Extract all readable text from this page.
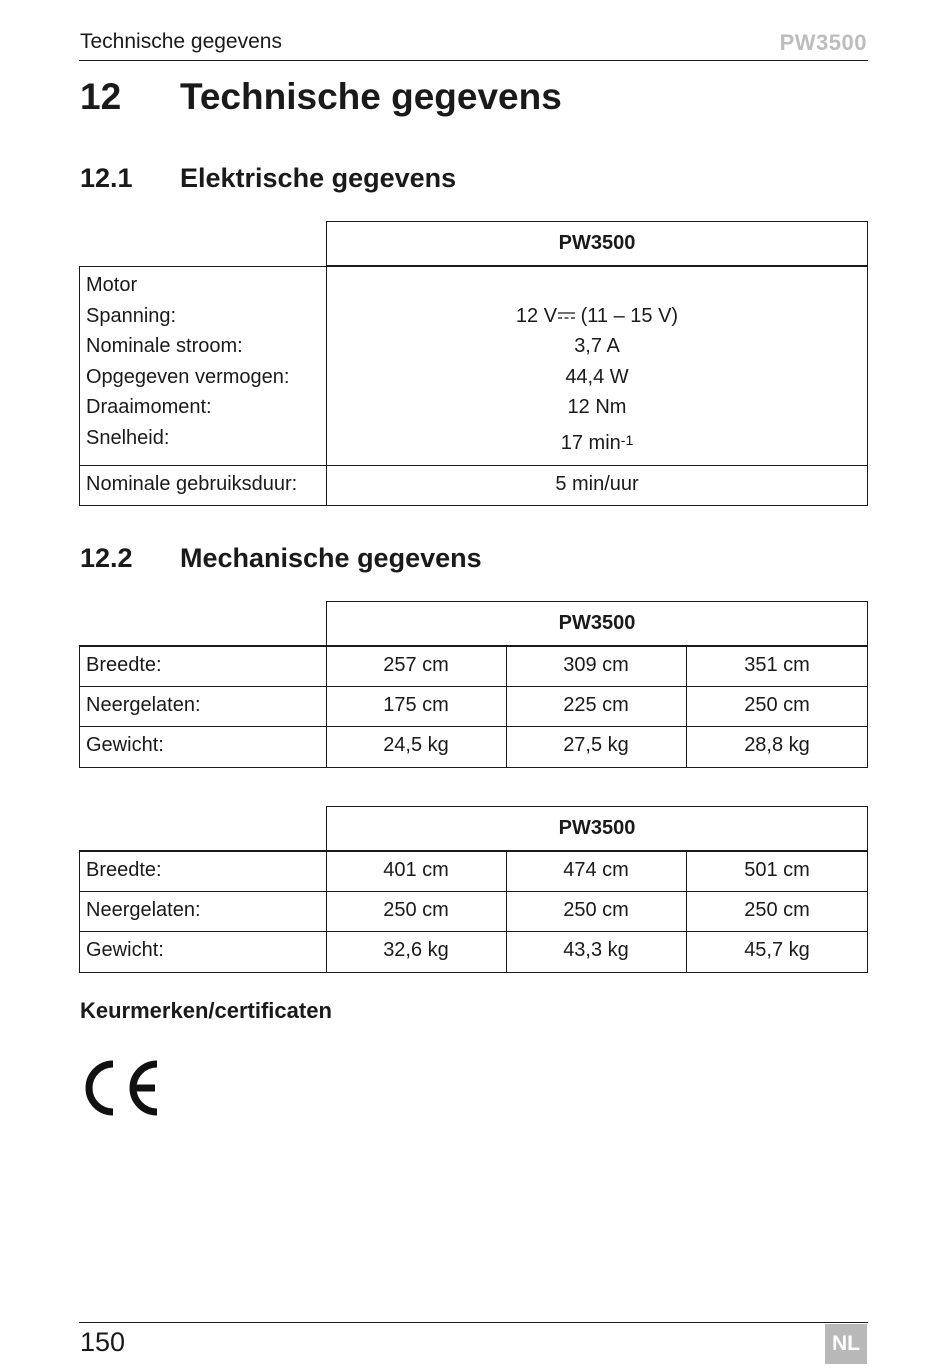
Technische gegevens	PW3500
12 Technische gegevens
12.1 Elektrische gegevens
PW3500
Motor
Spanning:	12 V (11 – 15 V)
Nominale stroom:	3,7 A
Opgegeven vermogen:	44,4 W
Draaimoment:	12 Nm
Snelheid:	17 $\min^{-1}$
Nominale gebruiksduur:	5 min/uur
12.2 Mechanische gegevens
PW3500
Breedte:	257 cm	309 cm	351 cm
Neergelaten:	175 cm	225 cm	250 cm
Gewicht:	24,5 kg	27,5 kg	28,8 kg
PW3500
Breedte:	401 cm	474 cm	501 cm
Neergelaten:	250 cm	250 cm	250 cm
Gewicht:	32,6 kg	43,3 kg	45,7 kg
Keurmerken/certificaten
150	NL
